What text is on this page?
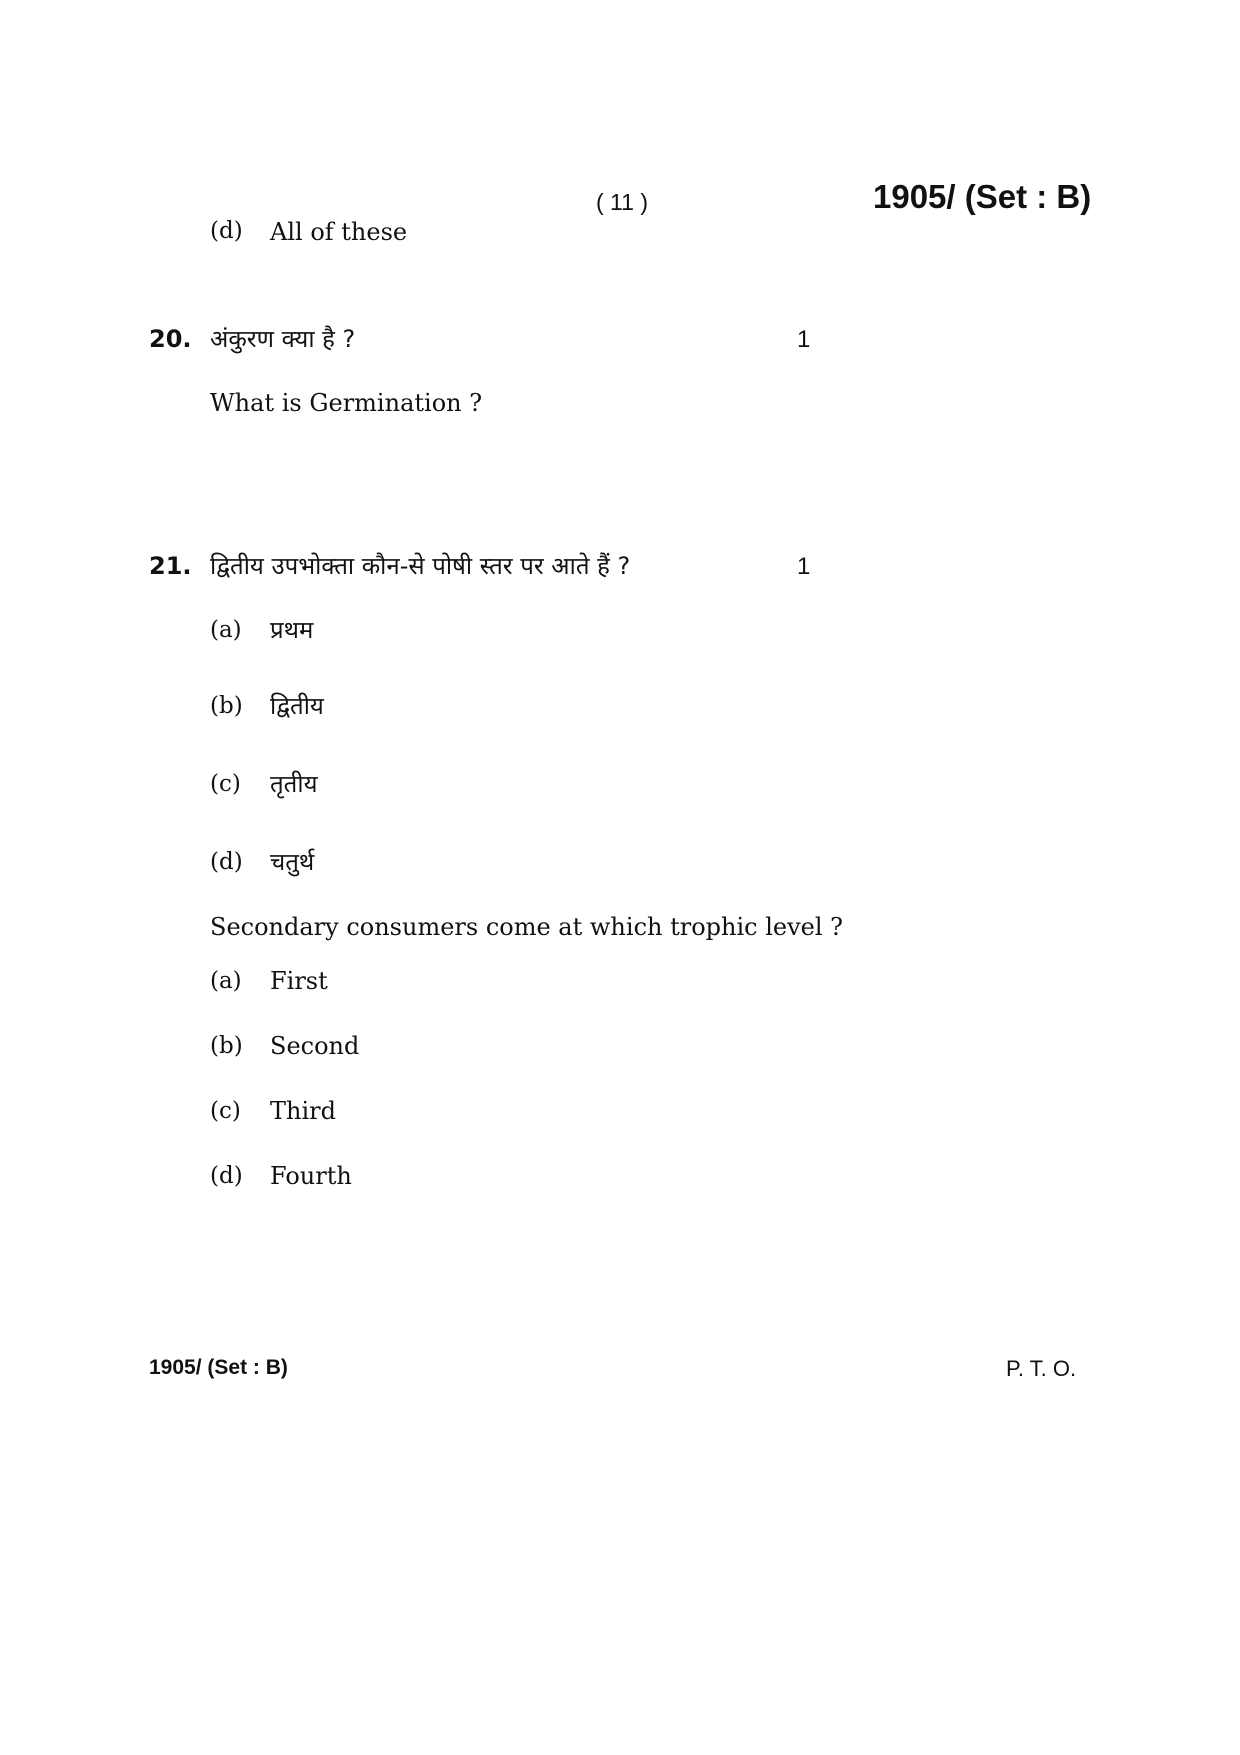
( 11 )	1905/ (Set : B)
(d) All of these
20. अंकुरण क्या है ?	1
What is Germination ?
21. द्वितीय उपभोक्ता कौन-से पोषी स्तर पर आते हैं ?	1
(a) प्रथम
(b) द्वितीय
(c) तृतीय
(d) चतुर्थ
Secondary consumers come at which trophic level ?
(a) First
(b) Second
(c) Third
(d) Fourth
1905/ (Set : B)	P. T. O.
